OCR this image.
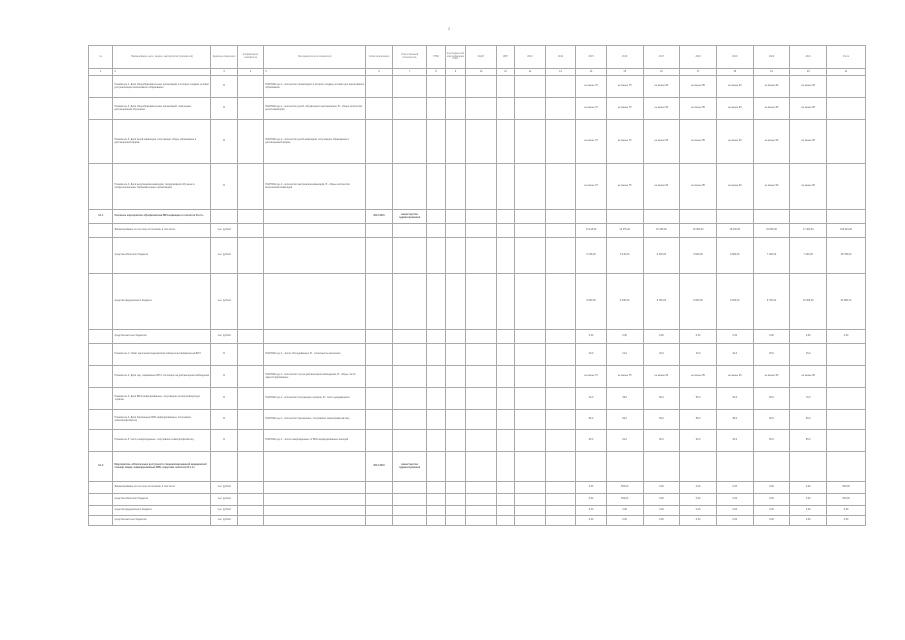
2
№	Наименование цели, задачи, мероприятия (показателя)	Единица измерения	Коэффициент значимости	Методика расчета показателя	Сроки реализации	Ответственный исполнитель	ГРБС	Код бюджетной классификации РзПр	КЦСР	КВР	2013	2014	2015	2016	2017	2018	2019	2020	2021	Итого
1	2	3	4	5	6	7	8	9	10	11	12	13	14	15	16	17	18	19	20	21
	Показатель 1. Доля общеобразовательных организаций, в которых созданы условия для реализации инклюзивного образования	%		НАКПОШ где А - количество организаций, в которых созданы условия для инклюзивного образования									не менее 70	не менее 75	не менее 80	не менее 85	не менее 90	не менее 95	не менее 95	
	Показатель 2. Доля общеобразовательных организаций, охваченных дистанционным обучением	%		НАКПОШ где А - количество детей, обучающихся дистанционно, В - общее количество детей-инвалидов									не менее 70	не менее 75	не менее 80	не менее 85	не менее 90	не менее 95	не менее 95	
	Показатель 3. Доля детей-инвалидов, получающих общее образование в дистанционной форме	%		НАКПОШ где А - количество детей-инвалидов, получающих образование в дистанционной форме									не менее 70	не менее 75	не менее 80	не менее 85	не менее 90	не менее 95	не менее 95	
	Показатель 4. Доля выпускников-инвалидов, продолживших обучение в профессиональных образовательных организациях	%		НАКПОШ где А - количество выпускников-инвалидов, В - общее количество выпускников-инвалидов									не менее 70	не менее 75	не менее 80	не менее 85	не менее 90	не менее 95	не менее 95	
3.1.1	Основное мероприятие «Профилактика ВИЧ-инфекции и гепатитов В и С»				2014-2021	министерство здравоохранения														
	Финансирование за счет всех источников, в том числе:	тыс. рублей											13 418,00	14 376,20	15 180,00	15 450,00	16 000,00	16 800,00	17 400,00	108 624,20
	средства областного бюджета	тыс. рублей											5 418,00	6 140,00	6 400,00	6 500,00	6 800,00	7 100,00	7 400,00	45 758,00
	средства федерального бюджета	тыс. рублей											8 000,00	8 236,20	8 780,00	8 950,00	9 200,00	9 700,00	10 000,00	62 866,20
	средства местных бюджетов	тыс. рублей											0,00	0,00	0,00	0,00	0,00	0,00	0,00	0,00
	Показатель 1. Охват населения медицинским освидетельствованием на ВИЧ	%		НАКПОШ где А - число обследованных, В - численность населения									20,0	21,0	22,0	23,0	24,0	25,0	25,0	
	Показатель 2. Доля лиц, зараженных ВИЧ, состоящих на диспансерном наблюдении	%		НАКПОШ где А - количество лиц на диспансерном наблюдении, В - общее число зарегистрированных									не менее 70	не менее 75	не менее 80	не менее 85	не менее 90	не менее 95	не менее 95	
	Показатель 3. Доля ВИЧ-инфицированных, получающих антиретровирусную терапию	%		НАКПОШ где А - количество получающих терапию, В - число нуждающихся									40,0	45,0	50,0	55,0	60,0	65,0	70,0	
	Показатель 4. Доля беременных ВИЧ-инфицированных, получивших химиопрофилактику	%		НАКПОШ где А - количество беременных, получивших химиопрофилактику									80,0	82,0	84,0	86,0	88,0	90,0	90,0	
	Показатель 5. Число новорожденных, получивших химиопрофилактику	%		НАКПОШ где А - число новорожденных от ВИЧ-инфицированных матерей									90,0	91,0	92,0	93,0	94,0	95,0	95,0	
3.1.2	Мероприятие «Обеспечение доступности специализированной медицинской помощи лицам, инфицированным ВИЧ, вирусами гепатитов В и С»				2014-2021	министерство здравоохранения														
	Финансирование за счет всех источников, в том числе:	тыс. рублей											0,00	500,00	0,00	0,00	0,00	0,00	0,00	500,00
	средства областного бюджета	тыс. рублей											0,00	500,00	0,00	0,00	0,00	0,00	0,00	500,00
	средства федерального бюджета	тыс. рублей											0,00	0,00	0,00	0,00	0,00	0,00	0,00	0,00
	средства местных бюджетов	тыс. рублей											0,00	0,00	0,00	0,00	0,00	0,00	0,00	0,00
